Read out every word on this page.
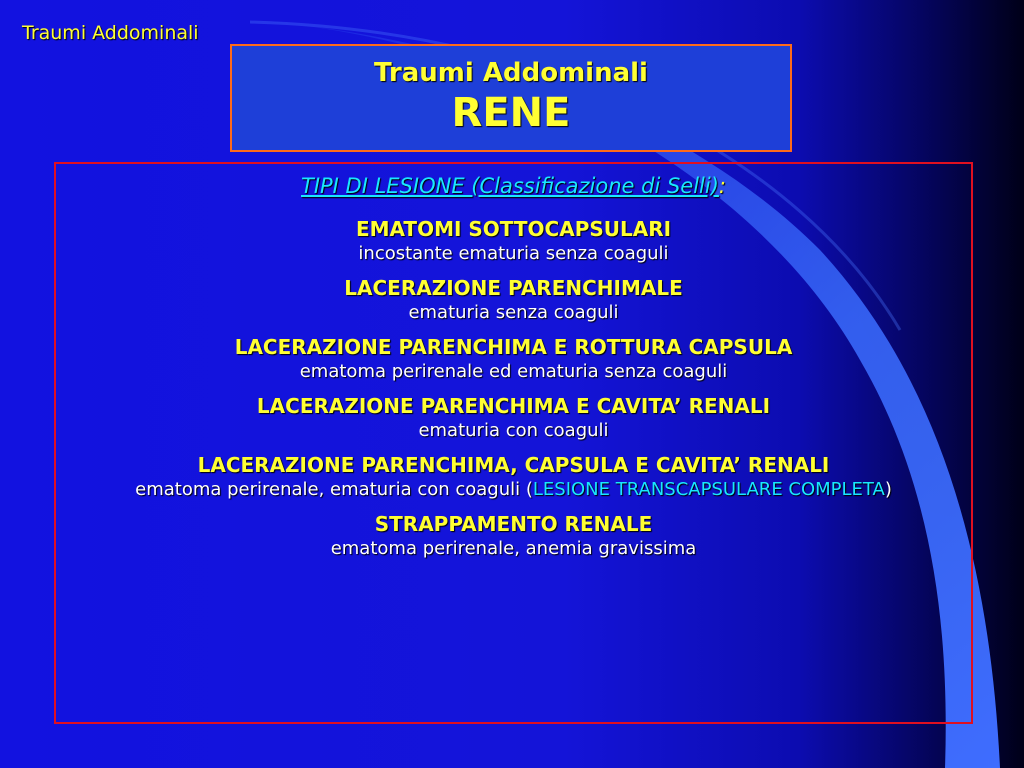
Traumi Addominali
Traumi Addominali
RENE
TIPI DI LESIONE (Classificazione di Selli):
EMATOMI SOTTOCAPSULARI
incostante ematuria senza coaguli
LACERAZIONE PARENCHIMALE
ematuria senza coaguli
LACERAZIONE PARENCHIMA E ROTTURA CAPSULA
ematoma perirenale ed ematuria senza coaguli
LACERAZIONE PARENCHIMA E CAVITA’ RENALI
ematuria con coaguli
LACERAZIONE PARENCHIMA, CAPSULA E CAVITA’ RENALI
ematoma perirenale, ematuria con coaguli (LESIONE TRANSCAPSULARE COMPLETA)
STRAPPAMENTO RENALE
ematoma perirenale, anemia gravissima
